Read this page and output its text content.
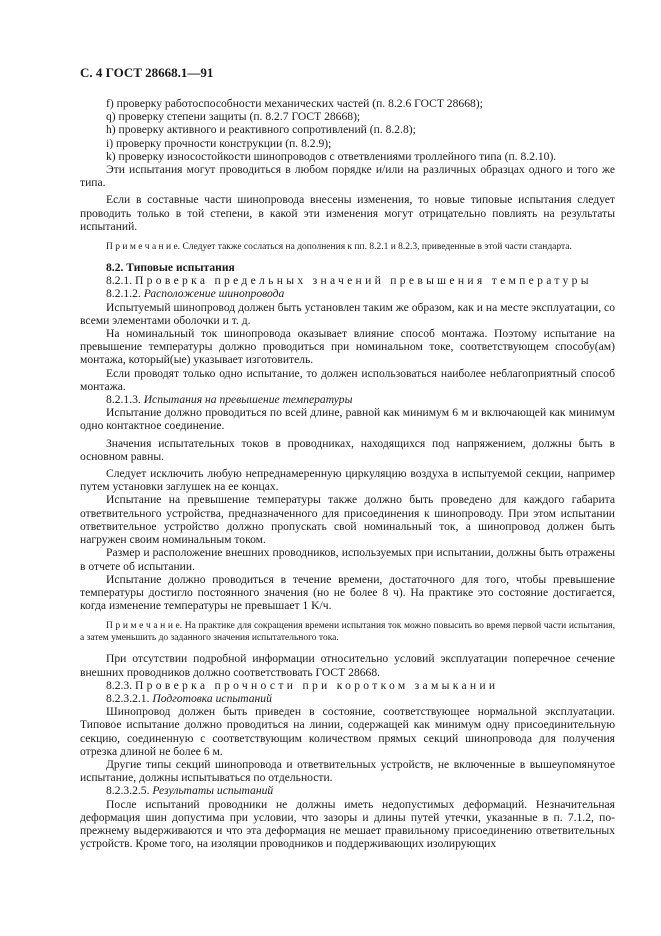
С. 4 ГОСТ 28668.1—91
f) проверку работоспособности механических частей (п. 8.2.6 ГОСТ 28668);
q) проверку степени защиты (п. 8.2.7 ГОСТ 28668);
h) проверку активного и реактивного сопротивлений (п. 8.2.8);
i) проверку прочности конструкции (п. 8.2.9);
k) проверку износостойкости шинопроводов с ответвлениями троллейного типа (п. 8.2.10).
Эти испытания могут проводиться в любом порядке и/или на различных образцах одного и того же типа.
Если в составные части шинопровода внесены изменения, то новые типовые испытания следует проводить только в той степени, в какой эти изменения могут отрицательно повлиять на результаты испытаний.
П р и м е ч а н и е. Следует также сослаться на дополнения к пп. 8.2.1 и 8.2.3, приведенные в этой части стандарта.
8.2. Типовые испытания
8.2.1. Проверка предельных значений превышения температуры
8.2.1.2. Расположение шинопровода
Испытуемый шинопровод должен быть установлен таким же образом, как и на месте эксплуатации, со всеми элементами оболочки и т. д.
На номинальный ток шинопровода оказывает влияние способ монтажа. Поэтому испытание на превышение температуры должно проводиться при номинальном токе, соответствующем способу(ам) монтажа, который(ые) указывает изготовитель.
Если проводят только одно испытание, то должен использоваться наиболее неблагоприятный способ монтажа.
8.2.1.3. Испытания на превышение температуры
Испытание должно проводиться по всей длине, равной как минимум 6 м и включающей как минимум одно контактное соединение.
Значения испытательных токов в проводниках, находящихся под напряжением, должны быть в основном равны.
Следует исключить любую непреднамеренную циркуляцию воздуха в испытуемой секции, например путем установки заглушек на ее концах.
Испытание на превышение температуры также должно быть проведено для каждого габарита ответвительного устройства, предназначенного для присоединения к шинопроводу. При этом испытании ответвительное устройство должно пропускать свой номинальный ток, а шинопровод должен быть нагружен своим номинальным током.
Размер и расположение внешних проводников, используемых при испытании, должны быть отражены в отчете об испытании.
Испытание должно проводиться в течение времени, достаточного для того, чтобы превышение температуры достигло постоянного значения (но не более 8 ч). На практике это состояние достигается, когда изменение температуры не превышает 1 K/ч.
П р и м е ч а н и е. На практике для сокращения времени испытания ток можно повысить во время первой части испытания, а затем уменьшить до заданного значения испытательного тока.
При отсутствии подробной информации относительно условий эксплуатации поперечное сечение внешних проводников должно соответствовать ГОСТ 28668.
8.2.3. Проверка прочности при коротком замыкании
8.2.3.2.1. Подготовка испытаний
Шинопровод должен быть приведен в состояние, соответствующее нормальной эксплуатации. Типовое испытание должно проводиться на линии, содержащей как минимум одну присоединительную секцию, соединенную с соответствующим количеством прямых секций шинопровода для получения отрезка длиной не более 6 м.
Другие типы секций шинопровода и ответвительных устройств, не включенные в вышеупомянутое испытание, должны испытываться по отдельности.
8.2.3.2.5. Результаты испытаний
После испытаний проводники не должны иметь недопустимых деформаций. Незначительная деформация шин допустима при условии, что зазоры и длины путей утечки, указанные в п. 7.1.2, по-прежнему выдерживаются и что эта деформация не мешает правильному присоединению ответвительных устройств. Кроме того, на изоляции проводников и поддерживающих изолирующих
